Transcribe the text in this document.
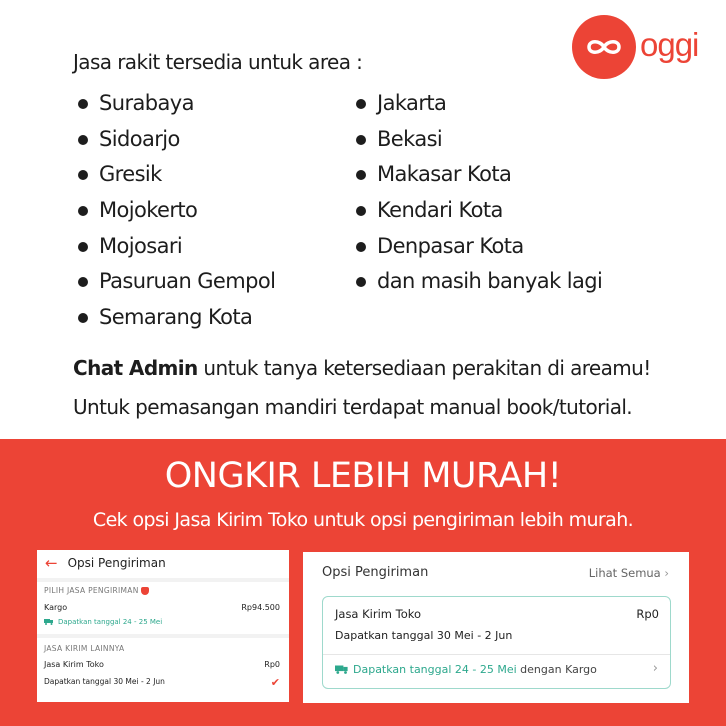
oggi
Jasa rakit tersedia untuk area :
Surabaya
Sidoarjo
Gresik
Mojokerto
Mojosari
Pasuruan Gempol
Semarang Kota
Jakarta
Bekasi
Makasar Kota
Kendari Kota
Denpasar Kota
dan masih banyak lagi
Chat Admin untuk tanya ketersediaan perakitan di areamu!
Untuk pemasangan mandiri terdapat manual book/tutorial.
ONGKIR LEBIH MURAH!
Cek opsi Jasa Kirim Toko untuk opsi pengiriman lebih murah.
← Opsi Pengiriman
PILIH JASA PENGIRIMAN
Kargo	Rp94.500
Dapatkan tanggal 24 - 25 Mei
JASA KIRIM LAINNYA
Jasa Kirim Toko	Rp0
Dapatkan tanggal 30 Mei - 2 Jun	✔
Opsi Pengiriman	Lihat Semua ›
Jasa Kirim Toko	Rp0
Dapatkan tanggal 30 Mei - 2 Jun
Dapatkan tanggal 24 - 25 Mei dengan Kargo	›
